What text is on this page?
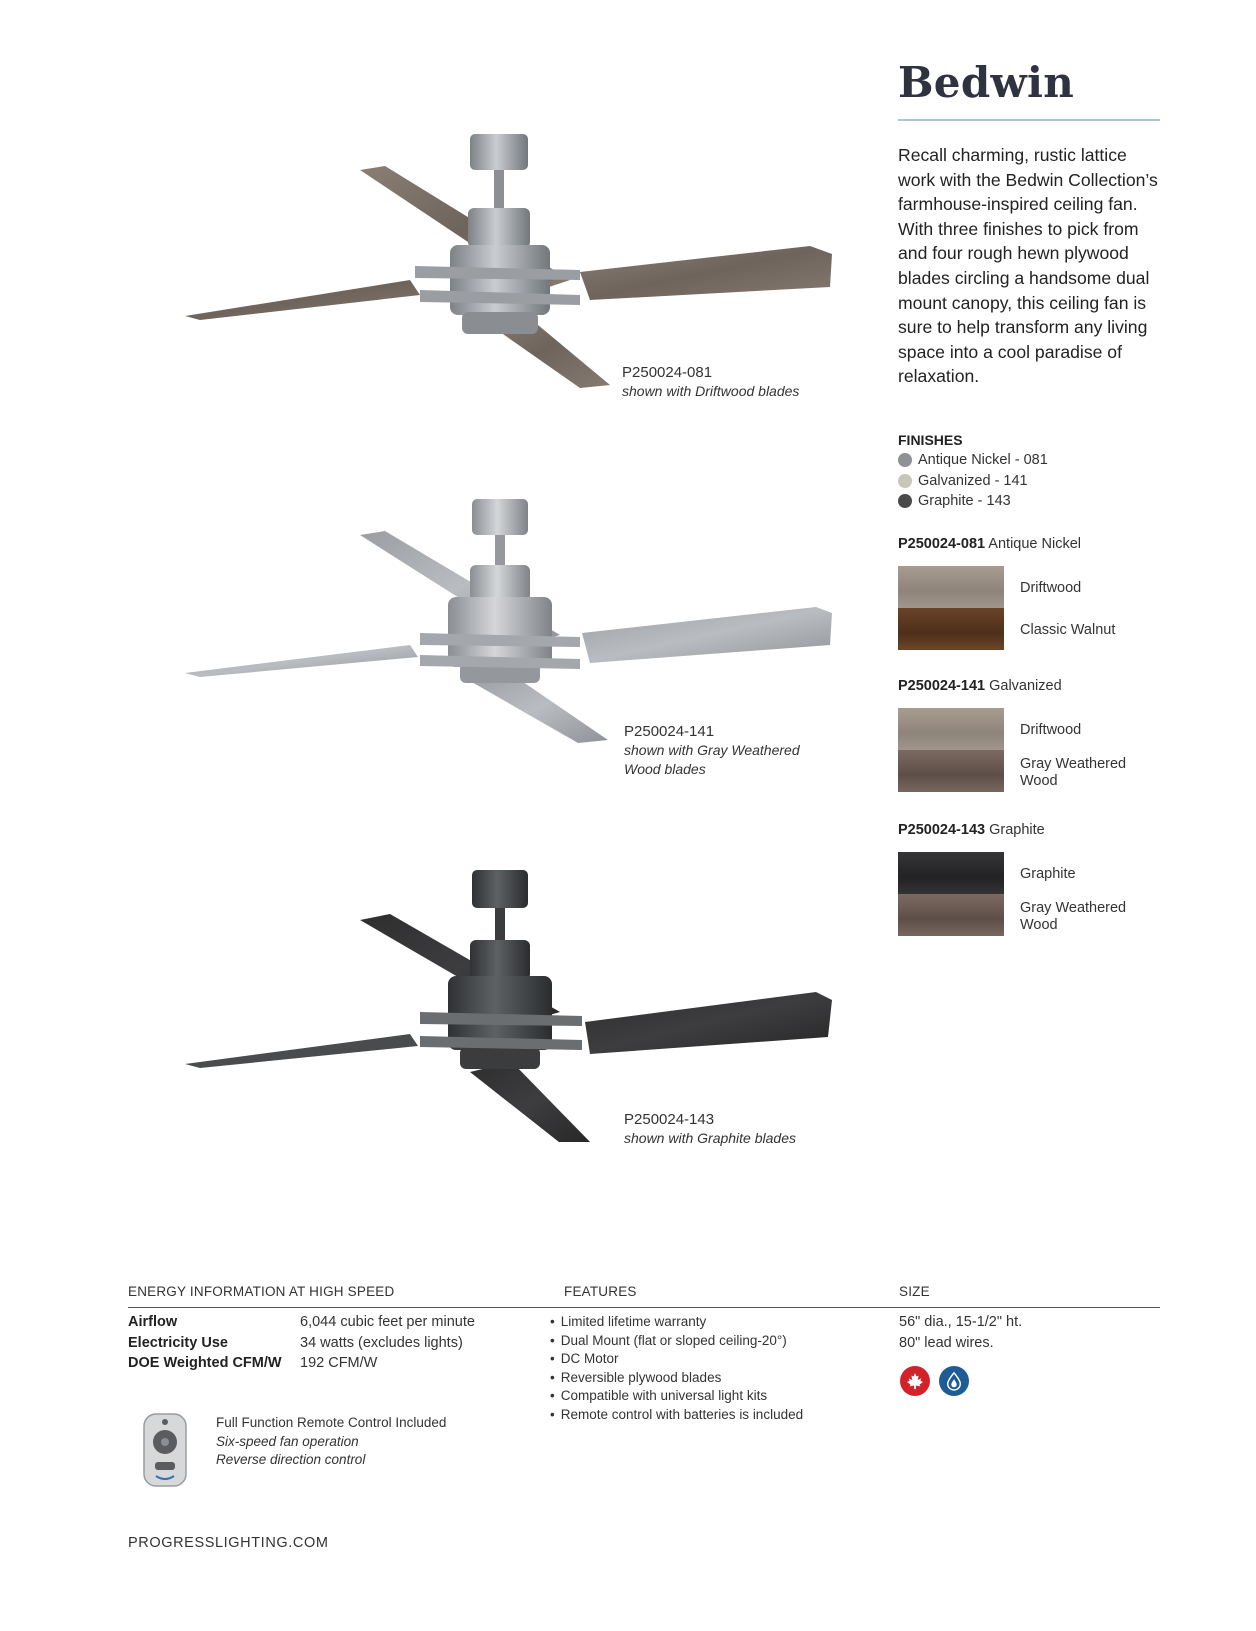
P250024-081
shown with Driftwood blades
P250024-141
shown with Gray Weathered Wood blades
P250024-143
shown with Graphite blades
Bedwin

Recall charming, rustic lattice work with the Bedwin Collection’s farmhouse-inspired ceiling fan. With three finishes to pick from and four rough hewn plywood blades circling a handsome dual mount canopy, this ceiling fan is sure to help transform any living space into a cool paradise of relaxation.

FINISHES
Antique Nickel - 081
Galvanized - 141
Graphite - 143
P250024-081 Antique Nickel
Driftwood
Classic Walnut
P250024-141 Galvanized
Driftwood
Gray Weathered Wood
P250024-143 Graphite
Graphite
Gray Weathered Wood
ENERGY INFORMATION AT HIGH SPEED	FEATURES	SIZE
Airflow	6,044 cubic feet per minute
Electricity Use	34 watts (excludes lights)
DOE Weighted CFM/W	192 CFM/W
• Limited lifetime warranty
• Dual Mount (flat or sloped ceiling-20°)
• DC Motor
• Reversible plywood blades
• Compatible with universal light kits
• Remote control with batteries is included
56" dia., 15-1/2" ht.
80" lead wires.
Full Function Remote Control Included
Six-speed fan operation
Reverse direction control
PROGRESSLIGHTING.COM
